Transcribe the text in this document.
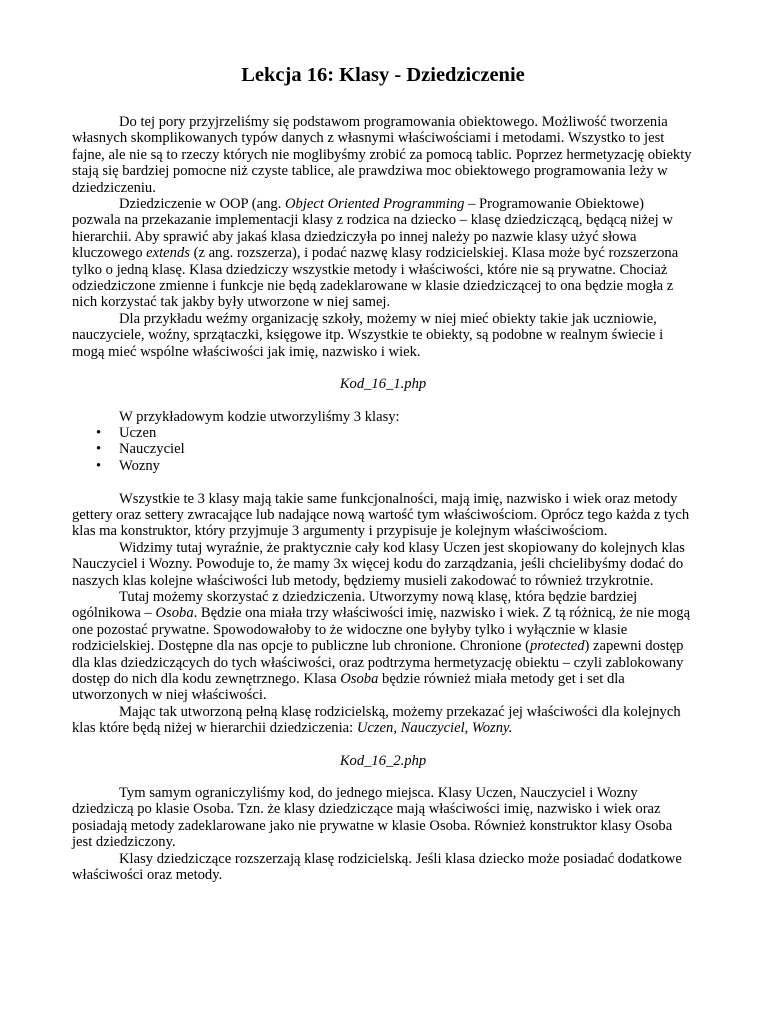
Lekcja 16: Klasy - Dziedziczenie

Do tej pory przyjrzeliśmy się podstawom programowania obiektowego. Możliwość tworzenia własnych skomplikowanych typów danych z własnymi właściwościami i metodami. Wszystko to jest fajne, ale nie są to rzeczy których nie moglibyśmy zrobić za pomocą tablic. Poprzez hermetyzację obiekty stają się bardziej pomocne niż czyste tablice, ale prawdziwa moc obiektowego programowania leży w dziedziczeniu.

Dziedziczenie w OOP (ang. Object Oriented Programming – Programowanie Obiektowe) pozwala na przekazanie implementacji klasy z rodzica na dziecko – klasę dziedziczącą, będącą niżej w hierarchii. Aby sprawić aby jakaś klasa dziedziczyła po innej należy po nazwie klasy użyć słowa kluczowego extends (z ang. rozszerza), i podać nazwę klasy rodzicielskiej. Klasa może być rozszerzona tylko o jedną klasę. Klasa dziedziczy wszystkie metody i właściwości, które nie są prywatne. Chociaż odziedziczone zmienne i funkcje nie będą zadeklarowane w klasie dziedziczącej to ona będzie mogła z nich korzystać tak jakby były utworzone w niej samej.

Dla przykładu weźmy organizację szkoły, możemy w niej mieć obiekty takie jak uczniowie, nauczyciele, woźny, sprzątaczki, księgowe itp. Wszystkie te obiekty, są podobne w realnym świecie i mogą mieć wspólne właściwości jak imię, nazwisko i wiek.

Kod_16_1.php

W przykładowym kodzie utworzyliśmy 3 klasy:

• Uczen
• Nauczyciel
• Wozny

Wszystkie te 3 klasy mają takie same funkcjonalności, mają imię, nazwisko i wiek oraz metody gettery oraz settery zwracające lub nadające nową wartość tym właściwościom. Oprócz tego każda z tych klas ma konstruktor, który przyjmuje 3 argumenty i przypisuje je kolejnym właściwościom.

Widzimy tutaj wyraźnie, że praktycznie cały kod klasy Uczen jest skopiowany do kolejnych klas Nauczyciel i Wozny. Powoduje to, że mamy 3x więcej kodu do zarządzania, jeśli chcielibyśmy dodać do naszych klas kolejne właściwości lub metody, będziemy musieli zakodować to również trzykrotnie.

Tutaj możemy skorzystać z dziedziczenia. Utworzymy nową klasę, która będzie bardziej ogólnikowa – Osoba. Będzie ona miała trzy właściwości imię, nazwisko i wiek. Z tą różnicą, że nie mogą one pozostać prywatne. Spowodowałoby to że widoczne one byłyby tylko i wyłącznie w klasie rodzicielskiej. Dostępne dla nas opcje to publiczne lub chronione. Chronione (protected) zapewni dostęp dla klas dziedziczących do tych właściwości, oraz podtrzyma hermetyzację obiektu – czyli zablokowany dostęp do nich dla kodu zewnętrznego. Klasa Osoba będzie również miała metody get i set dla utworzonych w niej właściwości.

Mając tak utworzoną pełną klasę rodzicielską, możemy przekazać jej właściwości dla kolejnych klas które będą niżej w hierarchii dziedziczenia: Uczen, Nauczyciel, Wozny.

Kod_16_2.php

Tym samym ograniczyliśmy kod, do jednego miejsca. Klasy Uczen, Nauczyciel i Wozny dziedziczą po klasie Osoba. Tzn. że klasy dziedziczące mają właściwości imię, nazwisko i wiek oraz posiadają metody zadeklarowane jako nie prywatne w klasie Osoba. Również konstruktor klasy Osoba jest dziedziczony.

Klasy dziedziczące rozszerzają klasę rodzicielską. Jeśli klasa dziecko może posiadać dodatkowe właściwości oraz metody.
